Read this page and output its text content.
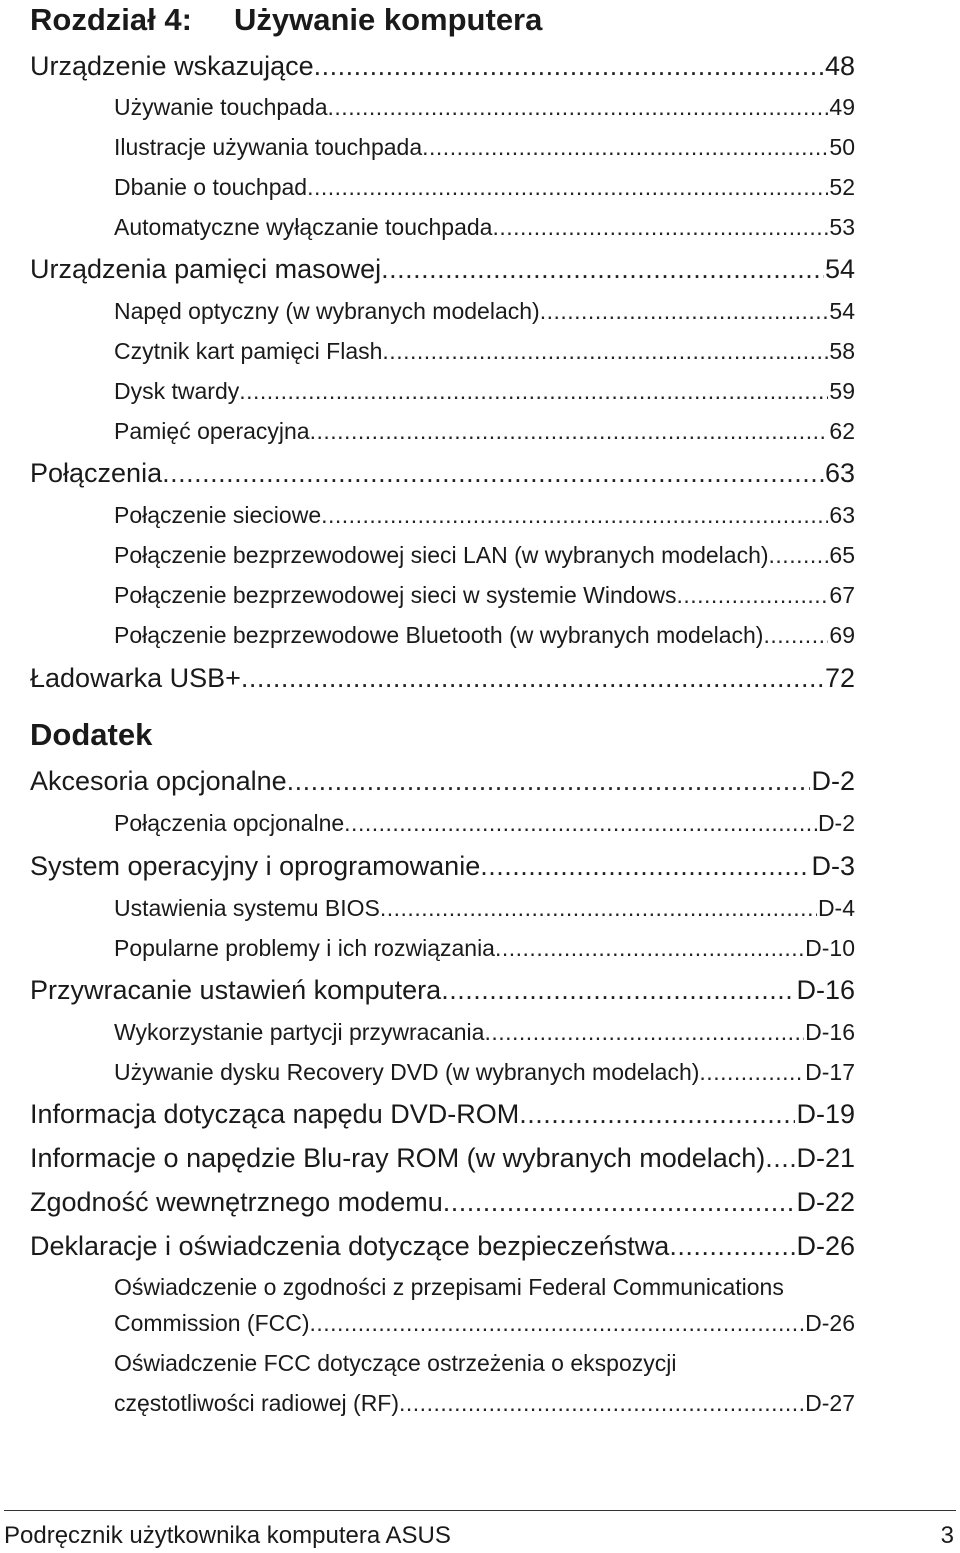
Rozdział 4: Używanie komputera
Urządzenie wskazujące .....	48
Używanie touchpada .....	49
Ilustracje używania touchpada .....	50
Dbanie o touchpad .....	52
Automatyczne wyłączanie touchpada .....	53
Urządzenia pamięci masowej .....	54
Napęd optyczny (w wybranych modelach) .....	54
Czytnik kart pamięci Flash .....	58
Dysk twardy .....	59
Pamięć operacyjna .....	62
Połączenia .....	63
Połączenie sieciowe .....	63
Połączenie bezprzewodowej sieci LAN (w wybranych modelach) .....	65
Połączenie bezprzewodowej sieci w systemie Windows .....	67
Połączenie bezprzewodowe Bluetooth (w wybranych modelach) .....	69
Ładowarka USB+ .....	72
Dodatek
Akcesoria opcjonalne .....	D-2
Połączenia opcjonalne .....	D-2
System operacyjny i oprogramowanie .....	D-3
Ustawienia systemu BIOS .....	D-4
Popularne problemy i ich rozwiązania .....	D-10
Przywracanie ustawień komputera .....	D-16
Wykorzystanie partycji przywracania .....	D-16
Używanie dysku Recovery DVD (w wybranych modelach) .....	D-17
Informacja dotycząca napędu DVD-ROM .....	D-19
Informacje o napędzie Blu-ray ROM (w wybranych modelach) ..... D-21
Zgodność wewnętrznego modemu .....	D-22
Deklaracje i oświadczenia dotyczące bezpieczeństwa .....	D-26
Oświadczenie o zgodności z przepisami Federal Communications
Commission (FCC) .....	D-26
Oświadczenie FCC dotyczące ostrzeżenia o ekspozycji
częstotliwości radiowej (RF) .....	D-27
Podręcznik użytkownika komputera ASUS	3
